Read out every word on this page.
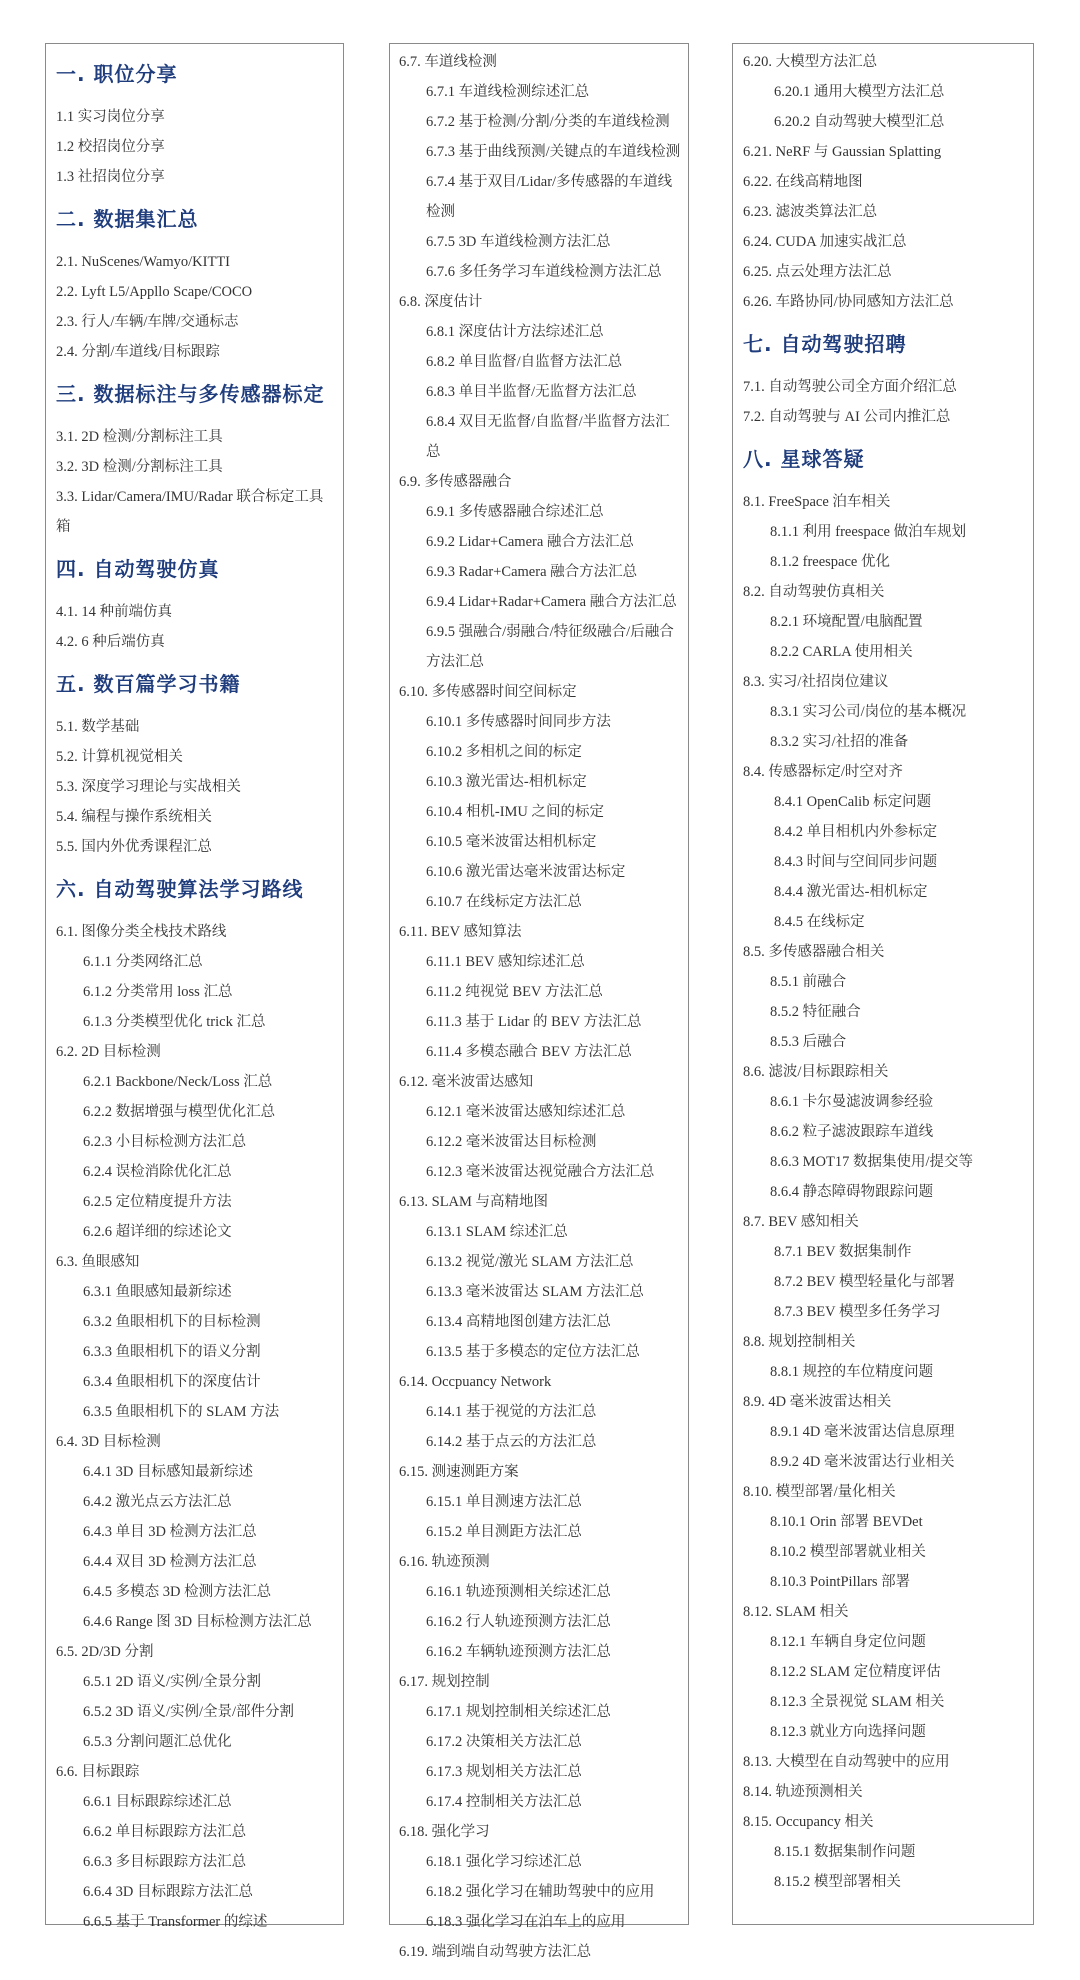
一. 职位分享
1.1 实习岗位分享
1.2 校招岗位分享
1.3 社招岗位分享
二. 数据集汇总
2.1. NuScenes/Wamyo/KITTI
2.2. Lyft L5/Appllo Scape/COCO
2.3. 行人/车辆/车牌/交通标志
2.4. 分割/车道线/目标跟踪
三. 数据标注与多传感器标定
3.1. 2D 检测/分割标注工具
3.2. 3D 检测/分割标注工具
3.3. Lidar/Camera/IMU/Radar 联合标定工具箱
四. 自动驾驶仿真
4.1. 14 种前端仿真
4.2. 6 种后端仿真
五. 数百篇学习书籍
5.1. 数学基础
5.2. 计算机视觉相关
5.3. 深度学习理论与实战相关
5.4. 编程与操作系统相关
5.5. 国内外优秀课程汇总
六. 自动驾驶算法学习路线
6.1. 图像分类全栈技术路线
6.1.1 分类网络汇总
6.1.2 分类常用 loss 汇总
6.1.3 分类模型优化 trick 汇总
6.2. 2D 目标检测
6.2.1 Backbone/Neck/Loss 汇总
6.2.2 数据增强与模型优化汇总
6.2.3 小目标检测方法汇总
6.2.4 误检消除优化汇总
6.2.5 定位精度提升方法
6.2.6 超详细的综述论文
6.3. 鱼眼感知
6.3.1 鱼眼感知最新综述
6.3.2 鱼眼相机下的目标检测
6.3.3 鱼眼相机下的语义分割
6.3.4 鱼眼相机下的深度估计
6.3.5 鱼眼相机下的 SLAM 方法
6.4. 3D 目标检测
6.4.1 3D 目标感知最新综述
6.4.2 激光点云方法汇总
6.4.3 单目 3D 检测方法汇总
6.4.4 双目 3D 检测方法汇总
6.4.5 多模态 3D 检测方法汇总
6.4.6 Range 图 3D 目标检测方法汇总
6.5. 2D/3D 分割
6.5.1 2D 语义/实例/全景分割
6.5.2 3D 语义/实例/全景/部件分割
6.5.3 分割问题汇总优化
6.6. 目标跟踪
6.6.1 目标跟踪综述汇总
6.6.2 单目标跟踪方法汇总
6.6.3 多目标跟踪方法汇总
6.6.4 3D 目标跟踪方法汇总
6.6.5 基于 Transformer 的综述
6.7. 车道线检测
6.7.1 车道线检测综述汇总
6.7.2 基于检测/分割/分类的车道线检测
6.7.3 基于曲线预测/关键点的车道线检测
6.7.4 基于双目/Lidar/多传感器的车道线检测
6.7.5 3D 车道线检测方法汇总
6.7.6 多任务学习车道线检测方法汇总
6.8. 深度估计
6.8.1 深度估计方法综述汇总
6.8.2 单目监督/自监督方法汇总
6.8.3 单目半监督/无监督方法汇总
6.8.4 双目无监督/自监督/半监督方法汇总
6.9. 多传感器融合
6.9.1 多传感器融合综述汇总
6.9.2 Lidar+Camera 融合方法汇总
6.9.3 Radar+Camera 融合方法汇总
6.9.4 Lidar+Radar+Camera 融合方法汇总
6.9.5 强融合/弱融合/特征级融合/后融合方法汇总
6.10. 多传感器时间空间标定
6.10.1 多传感器时间同步方法
6.10.2 多相机之间的标定
6.10.3 激光雷达-相机标定
6.10.4 相机-IMU 之间的标定
6.10.5 毫米波雷达相机标定
6.10.6 激光雷达毫米波雷达标定
6.10.7 在线标定方法汇总
6.11. BEV 感知算法
6.11.1 BEV 感知综述汇总
6.11.2 纯视觉 BEV 方法汇总
6.11.3 基于 Lidar 的 BEV 方法汇总
6.11.4 多模态融合 BEV 方法汇总
6.12. 毫米波雷达感知
6.12.1 毫米波雷达感知综述汇总
6.12.2 毫米波雷达目标检测
6.12.3 毫米波雷达视觉融合方法汇总
6.13. SLAM 与高精地图
6.13.1 SLAM 综述汇总
6.13.2 视觉/激光 SLAM 方法汇总
6.13.3 毫米波雷达 SLAM 方法汇总
6.13.4 高精地图创建方法汇总
6.13.5 基于多模态的定位方法汇总
6.14. Occpuancy Network
6.14.1 基于视觉的方法汇总
6.14.2 基于点云的方法汇总
6.15. 测速测距方案
6.15.1 单目测速方法汇总
6.15.2 单目测距方法汇总
6.16. 轨迹预测
6.16.1 轨迹预测相关综述汇总
6.16.2 行人轨迹预测方法汇总
6.16.2 车辆轨迹预测方法汇总
6.17. 规划控制
6.17.1 规划控制相关综述汇总
6.17.2 决策相关方法汇总
6.17.3 规划相关方法汇总
6.17.4 控制相关方法汇总
6.18. 强化学习
6.18.1 强化学习综述汇总
6.18.2 强化学习在辅助驾驶中的应用
6.18.3 强化学习在泊车上的应用
6.19. 端到端自动驾驶方法汇总
6.20. 大模型方法汇总
6.20.1 通用大模型方法汇总
6.20.2 自动驾驶大模型汇总
6.21. NeRF 与 Gaussian Splatting
6.22. 在线高精地图
6.23. 滤波类算法汇总
6.24. CUDA 加速实战汇总
6.25. 点云处理方法汇总
6.26. 车路协同/协同感知方法汇总
七. 自动驾驶招聘
7.1. 自动驾驶公司全方面介绍汇总
7.2. 自动驾驶与 AI 公司内推汇总
八. 星球答疑
8.1. FreeSpace 泊车相关
8.1.1 利用 freespace 做泊车规划
8.1.2 freespace 优化
8.2. 自动驾驶仿真相关
8.2.1 环境配置/电脑配置
8.2.2 CARLA 使用相关
8.3. 实习/社招岗位建议
8.3.1 实习公司/岗位的基本概况
8.3.2 实习/社招的准备
8.4. 传感器标定/时空对齐
8.4.1 OpenCalib 标定问题
8.4.2 单目相机内外参标定
8.4.3 时间与空间同步问题
8.4.4 激光雷达-相机标定
8.4.5 在线标定
8.5. 多传感器融合相关
8.5.1 前融合
8.5.2 特征融合
8.5.3 后融合
8.6. 滤波/目标跟踪相关
8.6.1 卡尔曼滤波调参经验
8.6.2 粒子滤波跟踪车道线
8.6.3 MOT17 数据集使用/提交等
8.6.4 静态障碍物跟踪问题
8.7. BEV 感知相关
8.7.1 BEV 数据集制作
8.7.2 BEV 模型轻量化与部署
8.7.3 BEV 模型多任务学习
8.8. 规划控制相关
8.8.1 规控的车位精度问题
8.9. 4D 毫米波雷达相关
8.9.1 4D 毫米波雷达信息原理
8.9.2 4D 毫米波雷达行业相关
8.10. 模型部署/量化相关
8.10.1 Orin 部署 BEVDet
8.10.2 模型部署就业相关
8.10.3 PointPillars 部署
8.12. SLAM 相关
8.12.1 车辆自身定位问题
8.12.2 SLAM 定位精度评估
8.12.3 全景视觉 SLAM 相关
8.12.3 就业方向选择问题
8.13. 大模型在自动驾驶中的应用
8.14. 轨迹预测相关
8.15. Occupancy 相关
8.15.1 数据集制作问题
8.15.2 模型部署相关
